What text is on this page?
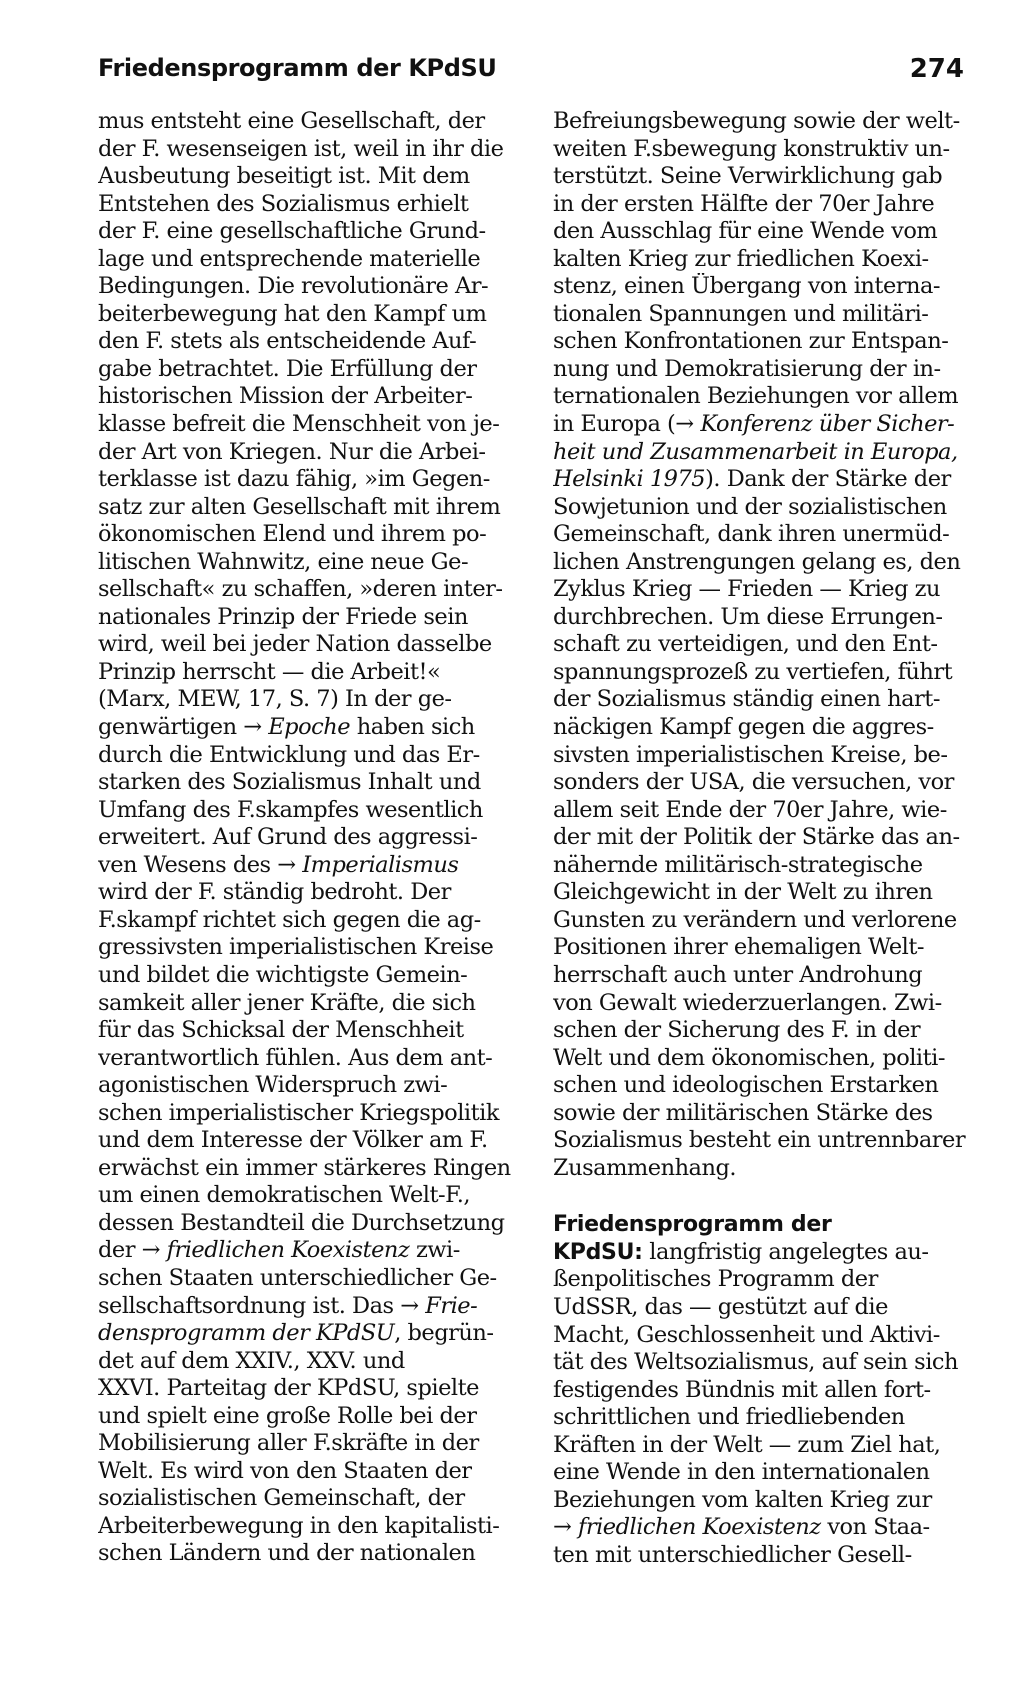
Friedensprogramm der KPdSU	274
mus entsteht eine Gesellschaft, der
der F. wesenseigen ist, weil in ihr die
Ausbeutung beseitigt ist. Mit dem
Entstehen des Sozialismus erhielt
der F. eine gesellschaftliche Grund-
lage und entsprechende materielle
Bedingungen. Die revolutionäre Ar-
beiterbewegung hat den Kampf um
den F. stets als entscheidende Auf-
gabe betrachtet. Die Erfüllung der
historischen Mission der Arbeiter-
klasse befreit die Menschheit von je-
der Art von Kriegen. Nur die Arbei-
terklasse ist dazu fähig, »im Gegen-
satz zur alten Gesellschaft mit ihrem
ökonomischen Elend und ihrem po-
litischen Wahnwitz, eine neue Ge-
sellschaft« zu schaffen, »deren inter-
nationales Prinzip der Friede sein
wird, weil bei jeder Nation dasselbe
Prinzip herrscht — die Arbeit!«
(Marx, MEW, 17, S. 7) In der ge-
genwärtigen → Epoche haben sich
durch die Entwicklung und das Er-
starken des Sozialismus Inhalt und
Umfang des F.skampfes wesentlich
erweitert. Auf Grund des aggressi-
ven Wesens des → Imperialismus
wird der F. ständig bedroht. Der
F.skampf richtet sich gegen die ag-
gressivsten imperialistischen Kreise
und bildet die wichtigste Gemein-
samkeit aller jener Kräfte, die sich
für das Schicksal der Menschheit
verantwortlich fühlen. Aus dem ant-
agonistischen Widerspruch zwi-
schen imperialistischer Kriegspolitik
und dem Interesse der Völker am F.
erwächst ein immer stärkeres Ringen
um einen demokratischen Welt-F.,
dessen Bestandteil die Durchsetzung
der → friedlichen Koexistenz zwi-
schen Staaten unterschiedlicher Ge-
sellschaftsordnung ist. Das → Frie-
densprogramm der KPdSU, begrün-
det auf dem XXIV., XXV. und
XXVI. Parteitag der KPdSU, spielte
und spielt eine große Rolle bei der
Mobilisierung aller F.skräfte in der
Welt. Es wird von den Staaten der
sozialistischen Gemeinschaft, der
Arbeiterbewegung in den kapitalisti-
schen Ländern und der nationalen
Befreiungsbewegung sowie der welt-
weiten F.sbewegung konstruktiv un-
terstützt. Seine Verwirklichung gab
in der ersten Hälfte der 70er Jahre
den Ausschlag für eine Wende vom
kalten Krieg zur friedlichen Koexi-
stenz, einen Übergang von interna-
tionalen Spannungen und militäri-
schen Konfrontationen zur Entspan-
nung und Demokratisierung der in-
ternationalen Beziehungen vor allem
in Europa (→ Konferenz über Sicher-
heit und Zusammenarbeit in Europa,
Helsinki 1975). Dank der Stärke der
Sowjetunion und der sozialistischen
Gemeinschaft, dank ihren unermüd-
lichen Anstrengungen gelang es, den
Zyklus Krieg — Frieden — Krieg zu
durchbrechen. Um diese Errungen-
schaft zu verteidigen, und den Ent-
spannungsprozeß zu vertiefen, führt
der Sozialismus ständig einen hart-
näckigen Kampf gegen die aggres-
sivsten imperialistischen Kreise, be-
sonders der USA, die versuchen, vor
allem seit Ende der 70er Jahre, wie-
der mit der Politik der Stärke das an-
nähernde militärisch-strategische
Gleichgewicht in der Welt zu ihren
Gunsten zu verändern und verlorene
Positionen ihrer ehemaligen Welt-
herrschaft auch unter Androhung
von Gewalt wiederzuerlangen. Zwi-
schen der Sicherung des F. in der
Welt und dem ökonomischen, politi-
schen und ideologischen Erstarken
sowie der militärischen Stärke des
Sozialismus besteht ein untrennbarer
Zusammenhang.
Friedensprogramm der
KPdSU: langfristig angelegtes au-
ßenpolitisches Programm der
UdSSR, das — gestützt auf die
Macht, Geschlossenheit und Aktivi-
tät des Weltsozialismus, auf sein sich
festigendes Bündnis mit allen fort-
schrittlichen und friedliebenden
Kräften in der Welt — zum Ziel hat,
eine Wende in den internationalen
Beziehungen vom kalten Krieg zur
→ friedlichen Koexistenz von Staa-
ten mit unterschiedlicher Gesell-
